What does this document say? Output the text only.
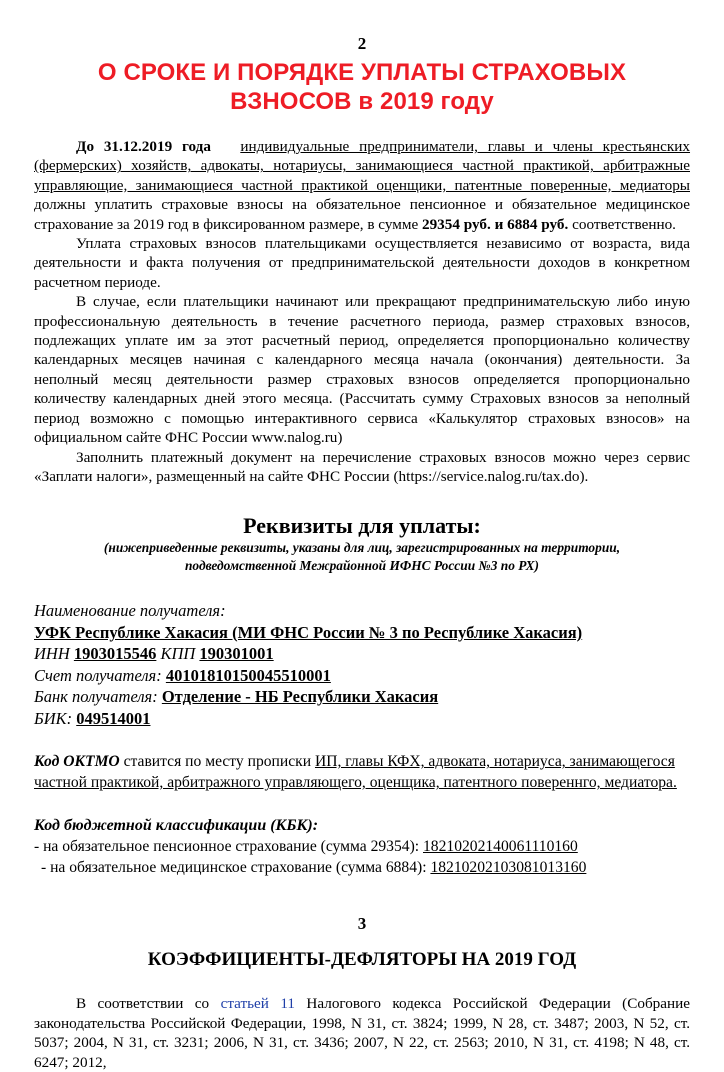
2
О СРОКЕ И ПОРЯДКЕ УПЛАТЫ СТРАХОВЫХ ВЗНОСОВ в 2019 году

До 31.12.2019 года индивидуальные предприниматели, главы и члены крестьянских (фермерских) хозяйств, адвокаты, нотариусы, занимающиеся частной практикой, арбитражные управляющие, занимающиеся частной практикой оценщики, патентные поверенные, медиаторы должны уплатить страховые взносы на обязательное пенсионное и обязательное медицинское страхование за 2019 год в фиксированном размере, в сумме 29354 руб. и 6884 руб. соответственно.

Уплата страховых взносов плательщиками осуществляется независимо от возраста, вида деятельности и факта получения от предпринимательской деятельности доходов в конкретном расчетном периоде.

В случае, если плательщики начинают или прекращают предпринимательскую либо иную профессиональную деятельность в течение расчетного периода, размер страховых взносов, подлежащих уплате им за этот расчетный период, определяется пропорционально количеству календарных месяцев начиная с календарного месяца начала (окончания) деятельности. За неполный месяц деятельности размер страховых взносов определяется пропорционально количеству календарных дней этого месяца. (Рассчитать сумму Страховых взносов за неполный период возможно с помощью интерактивного сервиса «Калькулятор страховых взносов» на официальном сайте ФНС России www.nalog.ru)

Заполнить платежный документ на перечисление страховых взносов можно через сервис «Заплати налоги», размещенный на сайте ФНС России (https://service.nalog.ru/tax.do).

Реквизиты для уплаты:
(нижеприведенные реквизиты, указаны для лиц, зарегистрированных на территории,
подведомственной Межрайонной ИФНС России №3 по РХ)
Наименование получателя:
УФК Республике Хакасия (МИ ФНС России № 3 по Республике Хакасия)
ИНН 1903015546 КПП 190301001
Счет получателя: 40101810150045510001
Банк получателя: Отделение - НБ Республики Хакасия
БИК: 049514001

Код ОКТМО ставится по месту прописки ИП, главы КФХ, адвоката, нотариуса, занимающегося частной практикой, арбитражного управляющего, оценщика, патентного повереннго, медиатора.

Код бюджетной классификации (КБК):
- на обязательное пенсионное страхование (сумма 29354): 18210202140061110160
- на обязательное медицинское страхование (сумма 6884): 18210202103081013160
3
КОЭФФИЦИЕНТЫ-ДЕФЛЯТОРЫ НА 2019 ГОД

В соответствии со статьей 11 Налогового кодекса Российской Федерации (Собрание законодательства Российской Федерации, 1998, N 31, ст. 3824; 1999, N 28, ст. 3487; 2003, N 52, ст. 5037; 2004, N 31, ст. 3231; 2006, N 31, ст. 3436; 2007, N 22, ст. 2563; 2010, N 31, ст. 4198; N 48, ст. 6247; 2012,
